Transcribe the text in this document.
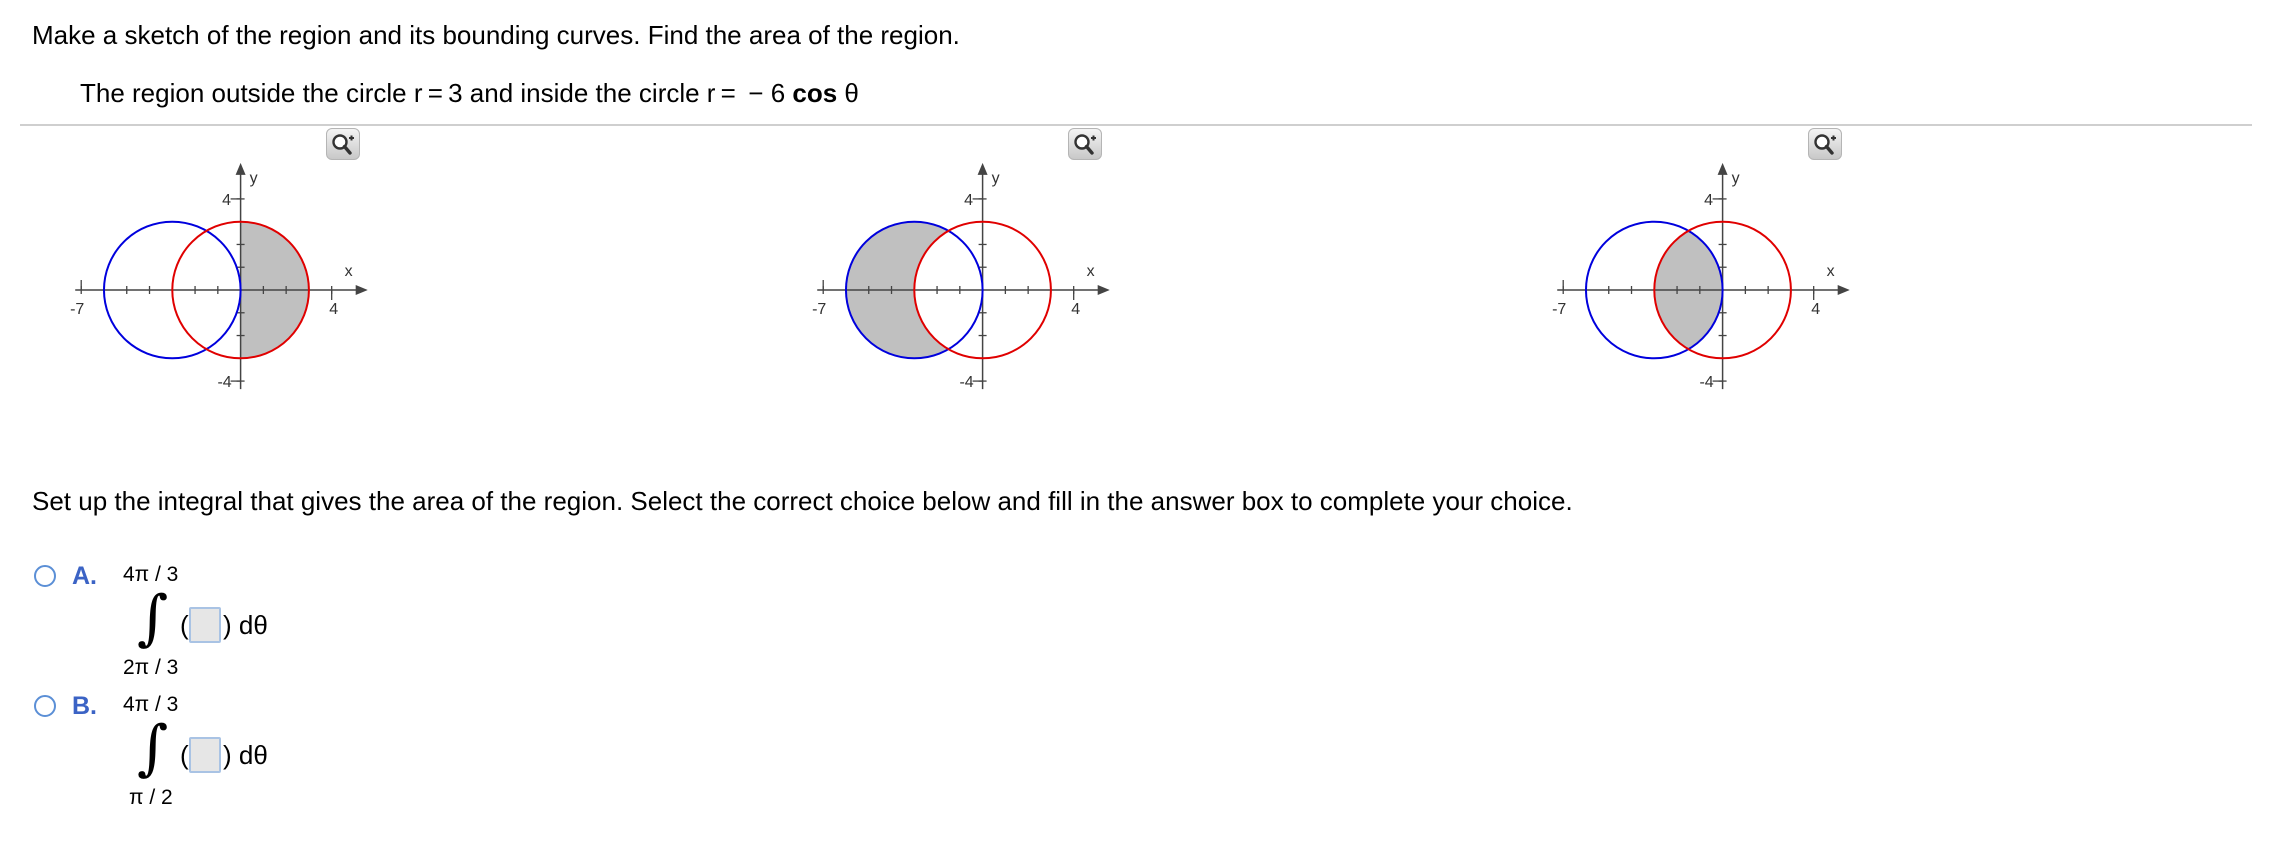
Make a sketch of the region and its bounding curves. Find the area of the region.
The region outside the circle r = 3 and inside the circle r =  − 6 cos θ
-7	4
4
-4
x
y
-7	4
4
-4
x
y
-7	4
4
-4
x
y
Set up the integral that gives the area of the region. Select the correct choice below and fill in the answer box to complete your choice.
A. 4π / 3
∫
2π / 3
( ) dθ
B. 4π / 3
∫
π / 2
( ) dθ
